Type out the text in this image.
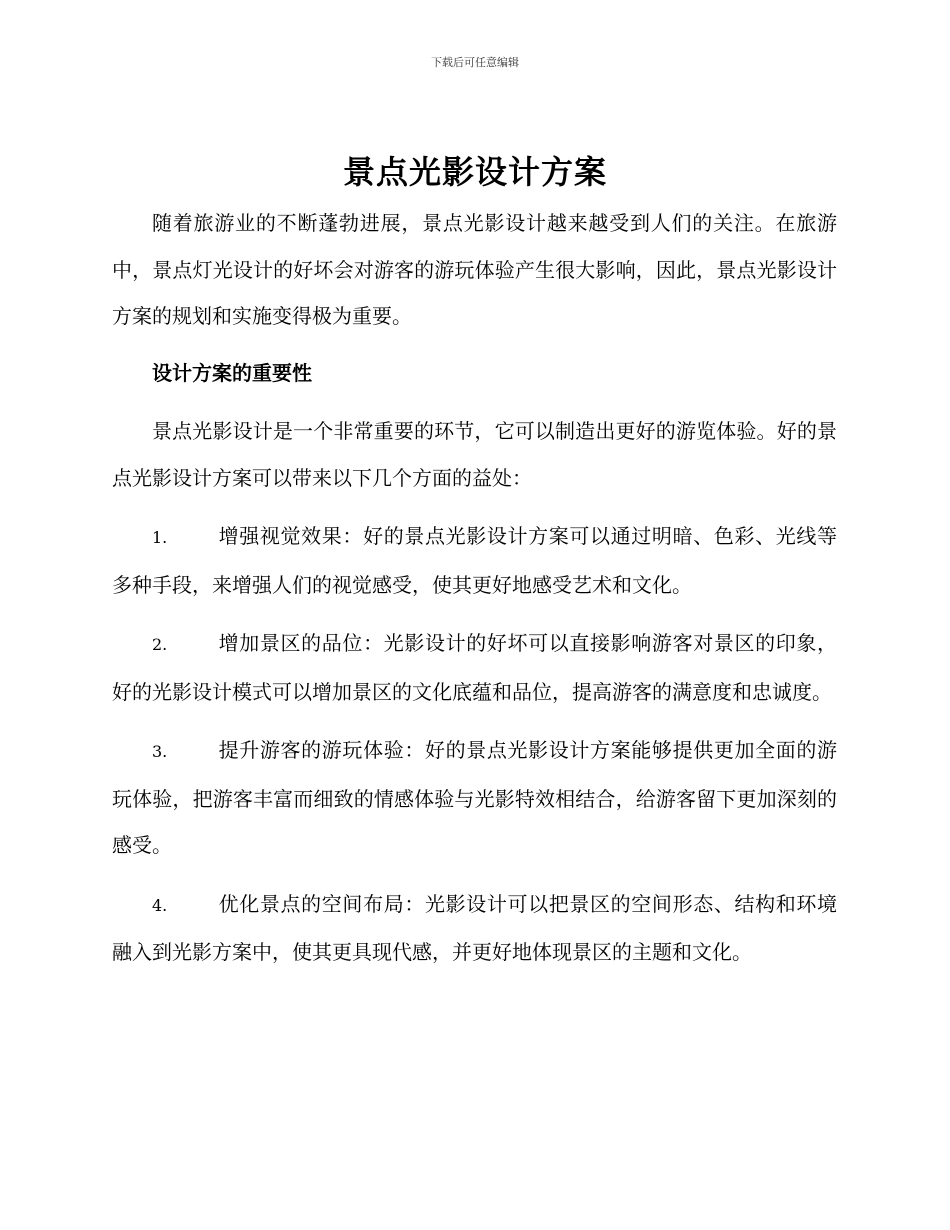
下载后可任意编辑
景点光影设计方案

随着旅游业的不断蓬勃进展，景点光影设计越来越受到人们的关注。在旅游中，景点灯光设计的好坏会对游客的游玩体验产生很大影响，因此，景点光影设计方案的规划和实施变得极为重要。

设计方案的重要性

景点光影设计是一个非常重要的环节，它可以制造出更好的游览体验。好的景点光影设计方案可以带来以下几个方面的益处：

1.	增强视觉效果：好的景点光影设计方案可以通过明暗、色彩、光线等多种手段，来增强人们的视觉感受，使其更好地感受艺术和文化。

2.	增加景区的品位：光影设计的好坏可以直接影响游客对景区的印象，好的光影设计模式可以增加景区的文化底蕴和品位，提高游客的满意度和忠诚度。

3.	提升游客的游玩体验：好的景点光影设计方案能够提供更加全面的游玩体验，把游客丰富而细致的情感体验与光影特效相结合，给游客留下更加深刻的感受。

4.	优化景点的空间布局：光影设计可以把景区的空间形态、结构和环境融入到光影方案中，使其更具现代感，并更好地体现景区的主题和文化。
